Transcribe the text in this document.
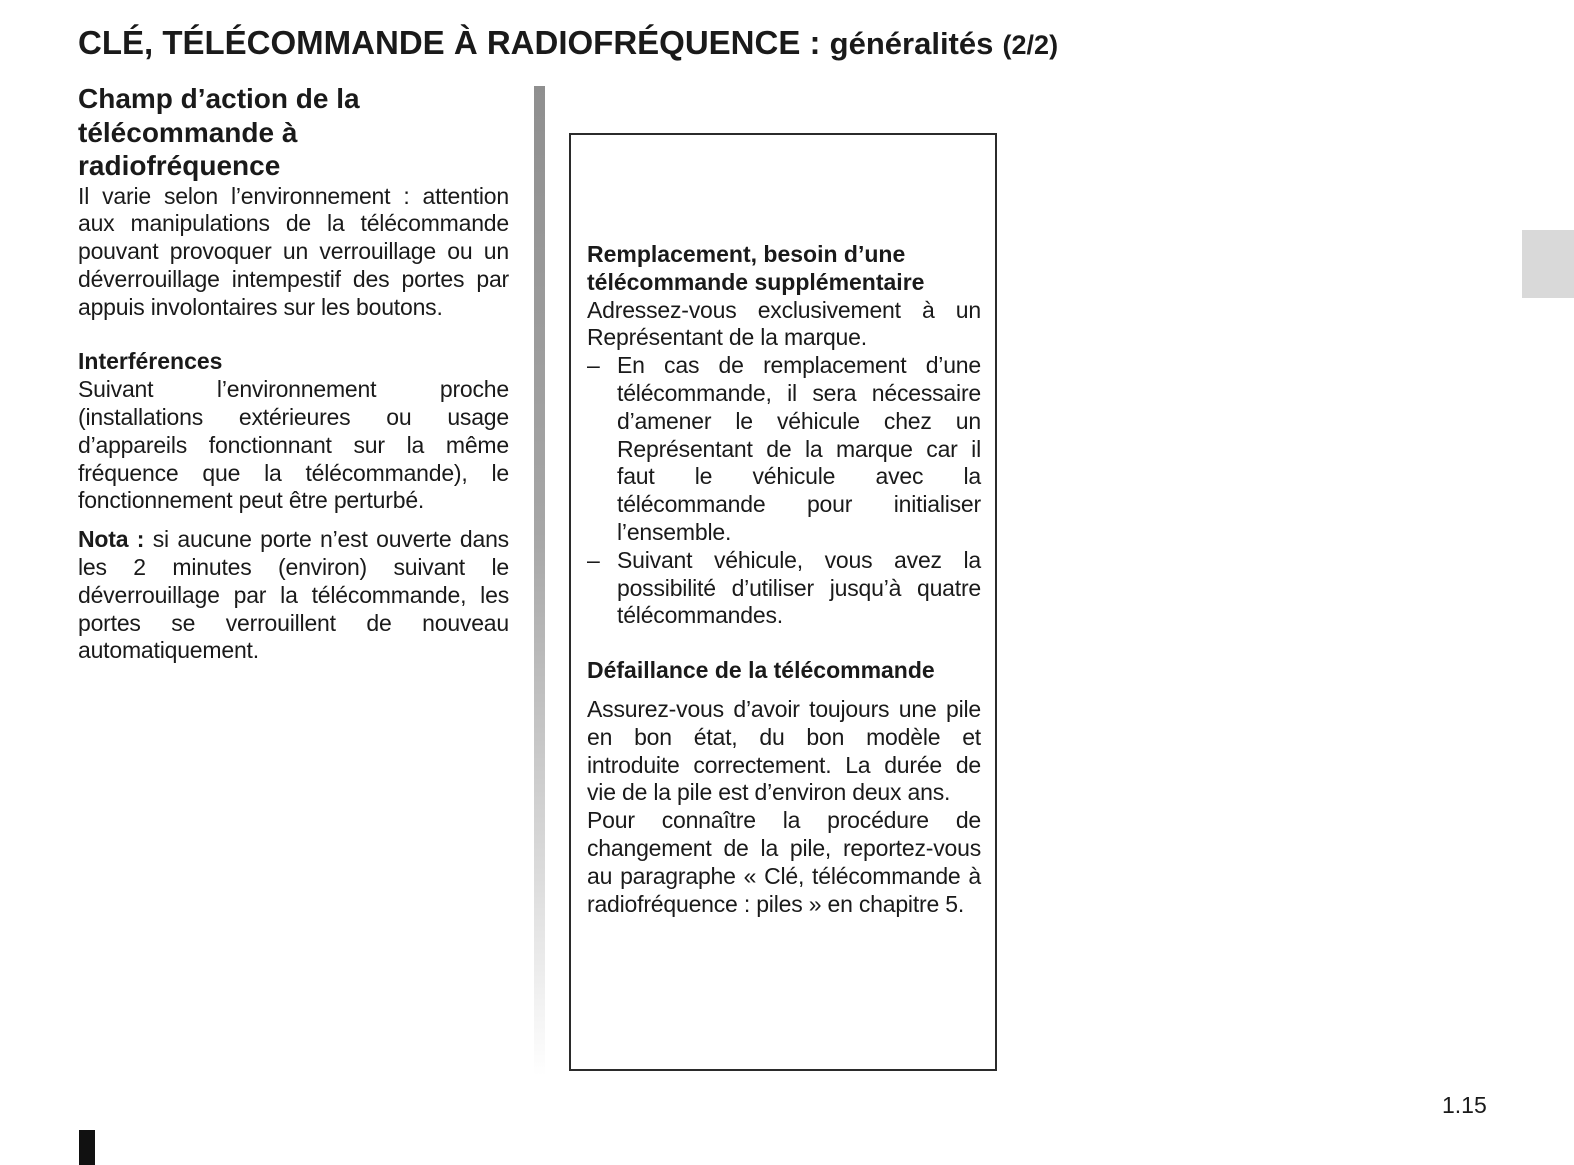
CLÉ, TÉLÉCOMMANDE À RADIOFRÉQUENCE : généralités (2/2)
Champ d’action de la télécommande à radiofréquence

Il varie selon l’environnement : attention aux manipulations de la télécommande pouvant provoquer un verrouillage ou un déverrouillage intempestif des portes par appuis involontaires sur les boutons.

Interférences

Suivant l’environnement proche (installations extérieures ou usage d’appareils fonctionnant sur la même fréquence que la télécommande), le fonctionnement peut être perturbé.

Nota : si aucune porte n’est ouverte dans les 2 minutes (environ) suivant le déverrouillage par la télécommande, les portes se verrouillent de nouveau automatiquement.

Remplacement, besoin d’une télécommande supplémentaire

Adressez-vous exclusivement à un Représentant de la marque.

– En cas de remplacement d’une télécommande, il sera nécessaire d’amener le véhicule chez un Représentant de la marque car il faut le véhicule avec la télécommande pour initialiser l’ensemble.
– Suivant véhicule, vous avez la possibilité d’utiliser jusqu’à quatre télécommandes.

Défaillance de la télécommande

Assurez-vous d’avoir toujours une pile en bon état, du bon modèle et introduite correctement. La durée de vie de la pile est d’environ deux ans.

Pour connaître la procédure de changement de la pile, reportez-vous au paragraphe « Clé, télécommande à radiofréquence : piles » en chapitre 5.

1.15
